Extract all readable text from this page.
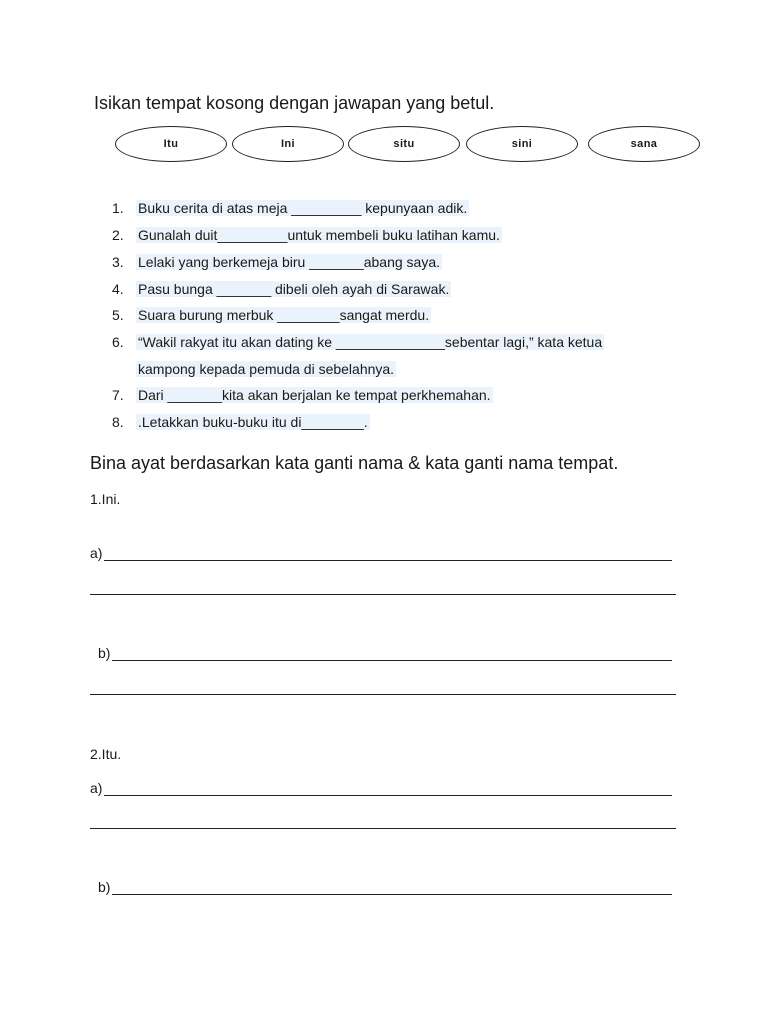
Isikan tempat kosong dengan jawapan yang betul.
Itu	Ini	situ	sini	sana
1.	Buku cerita di atas meja _________ kepunyaan adik.
2.	Gunalah duit_________untuk membeli buku latihan kamu.
3.	Lelaki yang berkemeja biru _______abang saya.
4.	Pasu bunga _______ dibeli oleh ayah di Sarawak.
5.	Suara burung merbuk ________sangat merdu.
6.	“Wakil rakyat itu akan dating ke ______________sebentar lagi,” kata ketua
kampong kepada pemuda di sebelahnya.
7.	Dari _______kita akan berjalan ke tempat perkhemahan.
8.	.Letakkan buku-buku itu di________.
Bina ayat berdasarkan kata ganti nama & kata ganti nama tempat.
1.Ini.
a)
b)
2.Itu.
a)
b)
